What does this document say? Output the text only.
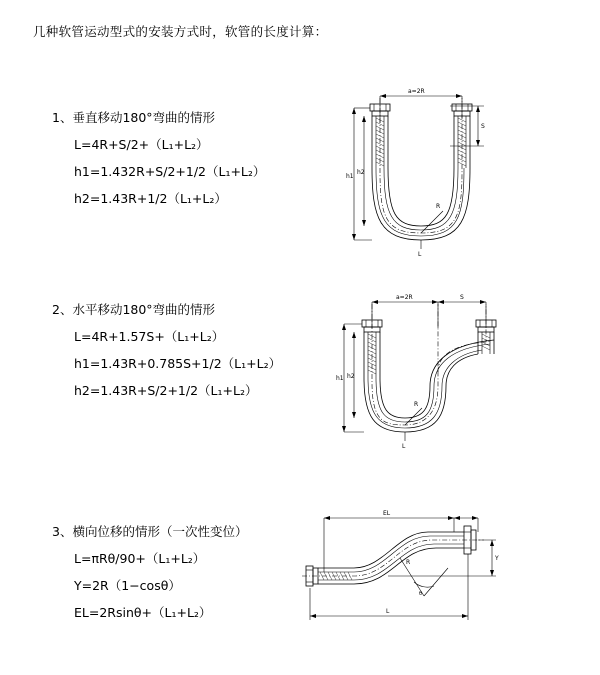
几种软管运动型式的安装方式时，软管的长度计算：
1、垂直移动180°弯曲的情形
L=4R+S/2+（L₁+L₂）
h1=1.432R+S/2+1/2（L₁+L₂）
h2=1.43R+1/2（L₁+L₂）
a=2R
S
R
h1
h2
L
2、水平移动180°弯曲的情形
L=4R+1.57S+（L₁+L₂）
h1=1.43R+0.785S+1/2（L₁+L₂）
h2=1.43R+S/2+1/2（L₁+L₂）
a=2R	S
R
h1 h2
L
3、横向位移的情形（一次性变位）
L=πRθ/90+（L₁+L₂）
Y=2R（1−cosθ）
EL=2Rsinθ+（L₁+L₂）
EL
Y
R
θ
L
